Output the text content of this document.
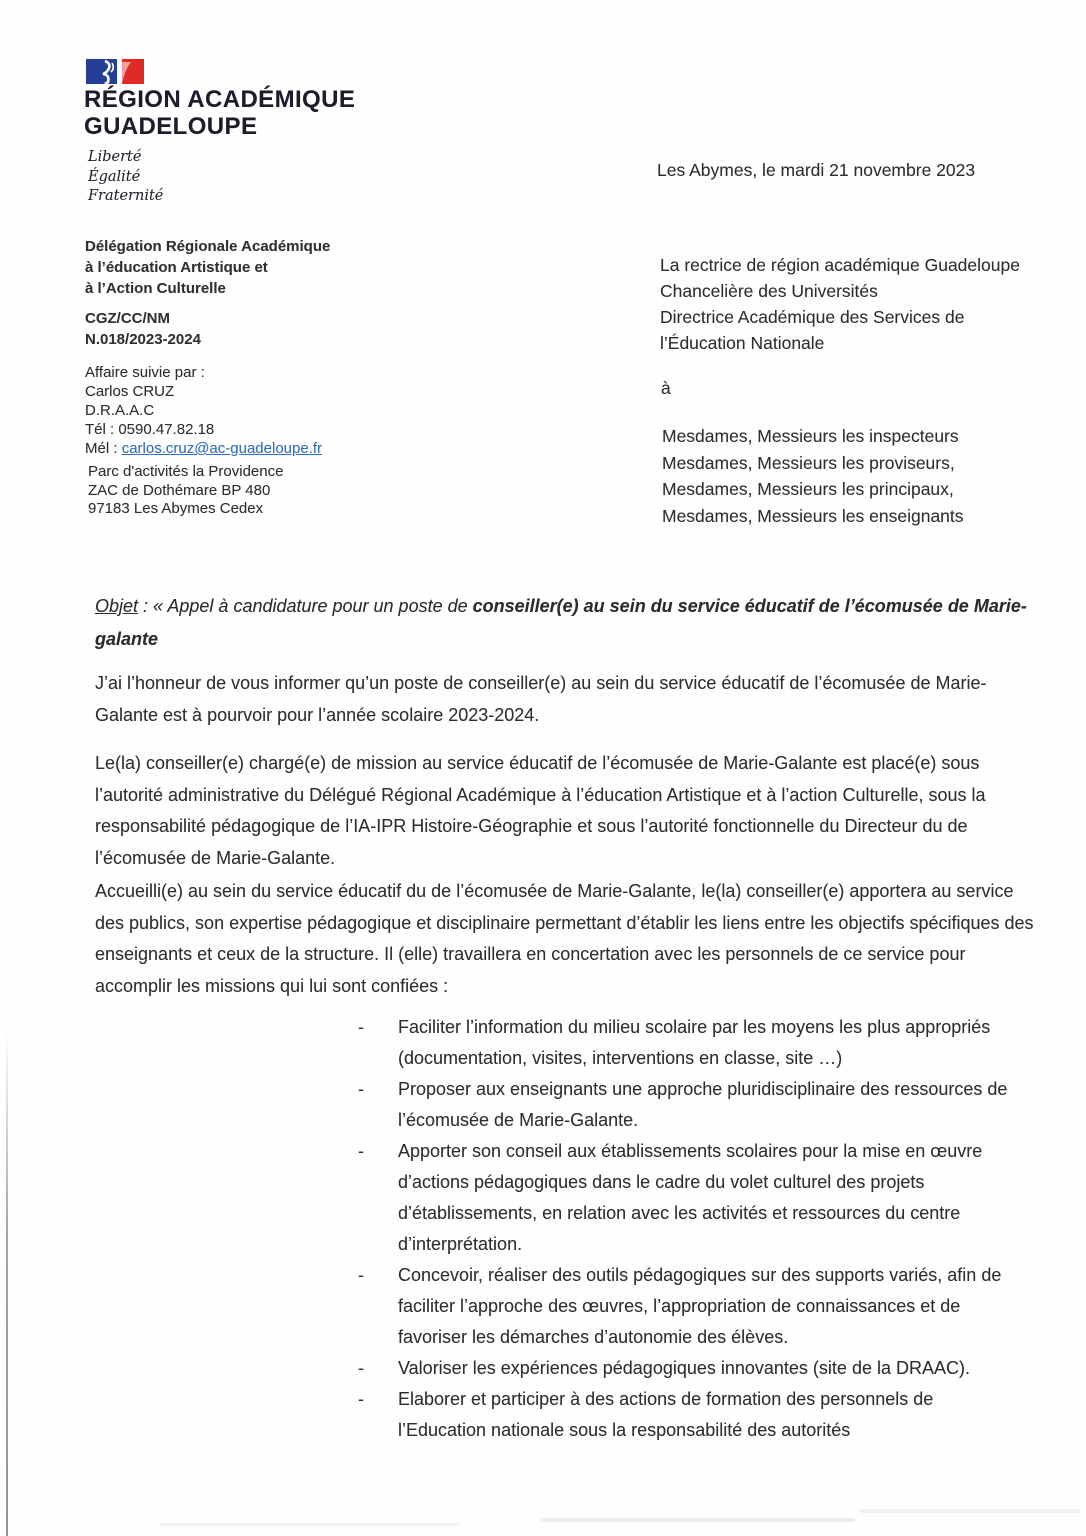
RÉGION ACADÉMIQUE
GUADELOUPE
Liberté
Égalité
Fraternité
Délégation Régionale Académique
à l’éducation Artistique et
à l’Action Culturelle
CGZ/CC/NM
N.018/2023-2024
Affaire suivie par :
Carlos CRUZ
D.R.A.A.C
Tél : 0590.47.82.18
Mél : carlos.cruz@ac-guadeloupe.fr
Parc d'activités la Providence
ZAC de Dothémare BP 480
97183 Les Abymes Cedex
Les Abymes, le mardi 21 novembre 2023
La rectrice de région académique Guadeloupe
Chancelière des Universités
Directrice Académique des Services de
l’Éducation Nationale
à
Mesdames, Messieurs les inspecteurs
Mesdames, Messieurs les proviseurs,
Mesdames, Messieurs les principaux,
Mesdames, Messieurs les enseignants
Objet : « Appel à candidature pour un poste de conseiller(e) au sein du service éducatif de l’écomusée de Marie-galante
J’ai l’honneur de vous informer qu’un poste de conseiller(e) au sein du service éducatif de l’écomusée de Marie-Galante est à pourvoir pour l’année scolaire 2023-2024.
Le(la) conseiller(e) chargé(e) de mission au service éducatif de l’écomusée de Marie-Galante est placé(e) sous l’autorité administrative du Délégué Régional Académique à l’éducation Artistique et à l’action Culturelle, sous la responsabilité pédagogique de l’IA-IPR Histoire-Géographie et sous l’autorité fonctionnelle du Directeur du de l’écomusée de Marie-Galante.
Accueilli(e) au sein du service éducatif du de l’écomusée de Marie-Galante, le(la) conseiller(e) apportera au service des publics, son expertise pédagogique et disciplinaire permettant d’établir les liens entre les objectifs spécifiques des enseignants et ceux de la structure. Il (elle) travaillera en concertation avec les personnels de ce service pour accomplir les missions qui lui sont confiées :
-	Faciliter l’information du milieu scolaire par les moyens les plus appropriés (documentation, visites, interventions en classe, site …)
-	Proposer aux enseignants une approche pluridisciplinaire des ressources de l’écomusée de Marie-Galante.
-	Apporter son conseil aux établissements scolaires pour la mise en œuvre d’actions pédagogiques dans le cadre du volet culturel des projets d’établissements, en relation avec les activités et ressources du centre d’interprétation.
-	Concevoir, réaliser des outils pédagogiques sur des supports variés, afin de faciliter l’approche des œuvres, l’appropriation de connaissances et de favoriser les démarches d’autonomie des élèves.
-	Valoriser les expériences pédagogiques innovantes (site de la DRAAC).
-	Elaborer et participer à des actions de formation des personnels de l’Education nationale sous la responsabilité des autorités
